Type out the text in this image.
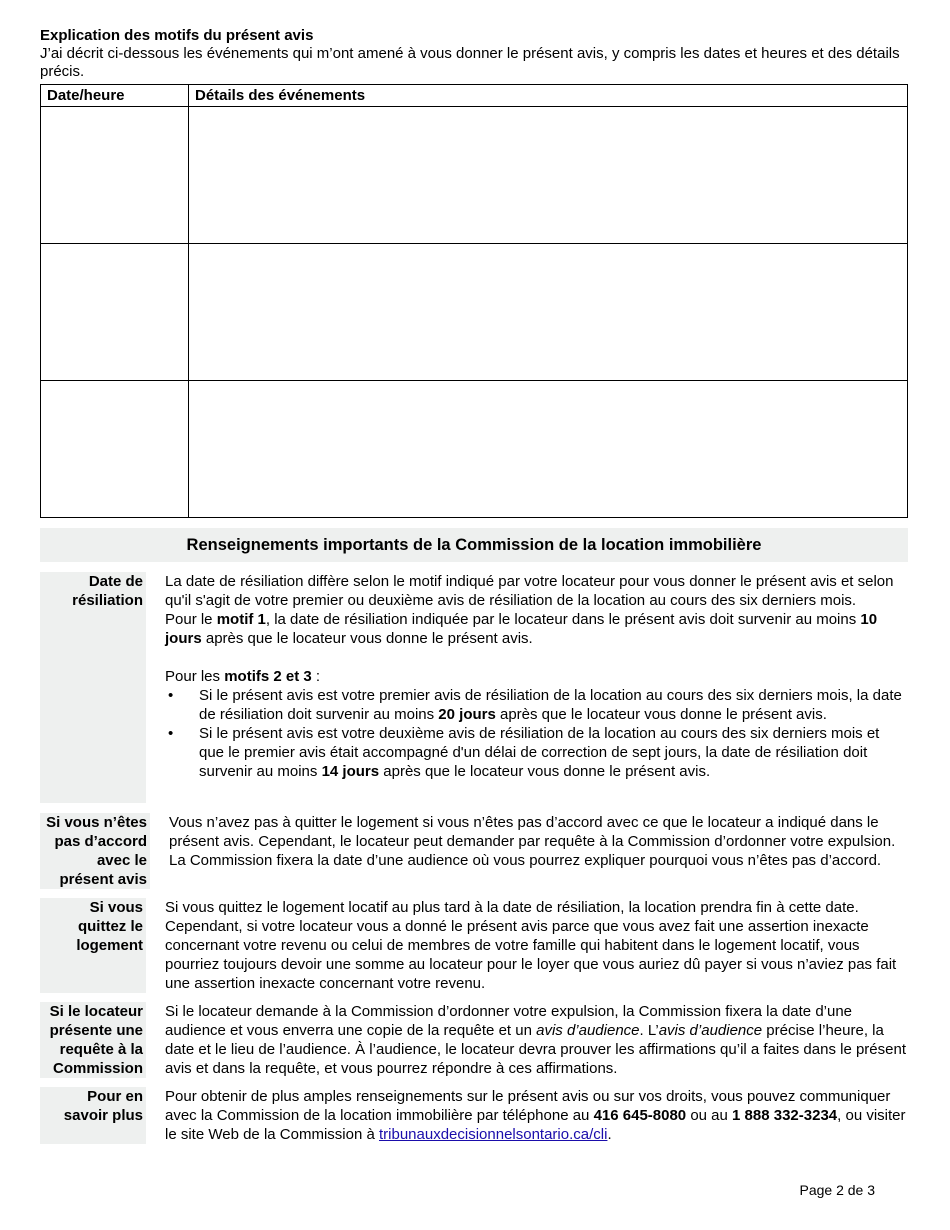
Explication des motifs du présent avis

J’ai décrit ci-dessous les événements qui m’ont amené à vous donner le présent avis, y compris les dates et heures et des détails précis.

Date/heure	Détails des événements

Renseignements importants de la Commission de la location immobilière
Date de résiliation

La date de résiliation diffère selon le motif indiqué par votre locateur pour vous donner le présent avis et selon qu'il s'agit de votre premier ou deuxième avis de résiliation de la location au cours des six derniers mois.

Pour le motif 1, la date de résiliation indiquée par le locateur dans le présent avis doit survenir au moins 10 jours après que le locateur vous donne le présent avis.

Pour les motifs 2 et 3 :

• Si le présent avis est votre premier avis de résiliation de la location au cours des six derniers mois, la date de résiliation doit survenir au moins 20 jours après que le locateur vous donne le présent avis.
• Si le présent avis est votre deuxième avis de résiliation de la location au cours des six derniers mois et que le premier avis était accompagné d'un délai de correction de sept jours, la date de résiliation doit survenir au moins 14 jours après que le locateur vous donne le présent avis.
Si vous n’êtes pas d’accord avec le présent avis
Vous n’avez pas à quitter le logement si vous n’êtes pas d’accord avec ce que le locateur a indiqué dans le présent avis. Cependant, le locateur peut demander par requête à la Commission d’ordonner votre expulsion. La Commission fixera la date d’une audience où vous pourrez expliquer pourquoi vous n’êtes pas d’accord.
Si vous quittez le logement
Si vous quittez le logement locatif au plus tard à la date de résiliation, la location prendra fin à cette date. Cependant, si votre locateur vous a donné le présent avis parce que vous avez fait une assertion inexacte concernant votre revenu ou celui de membres de votre famille qui habitent dans le logement locatif, vous pourriez toujours devoir une somme au locateur pour le loyer que vous auriez dû payer si vous n’aviez pas fait une assertion inexacte concernant votre revenu.
Si le locateur présente une requête à la Commission
Si le locateur demande à la Commission d’ordonner votre expulsion, la Commission fixera la date d’une audience et vous enverra une copie de la requête et un avis d’audience. L’avis d’audience précise l’heure, la date et le lieu de l’audience. À l’audience, le locateur devra prouver les affirmations qu’il a faites dans le présent avis et dans la requête, et vous pourrez répondre à ces affirmations.
Pour en savoir plus
Pour obtenir de plus amples renseignements sur le présent avis ou sur vos droits, vous pouvez communiquer avec la Commission de la location immobilière par téléphone au 416 645-8080 ou au 1 888 332-3234, ou visiter le site Web de la Commission à tribunauxdecisionnelsontario.ca/cli.
Page 2 de 3
